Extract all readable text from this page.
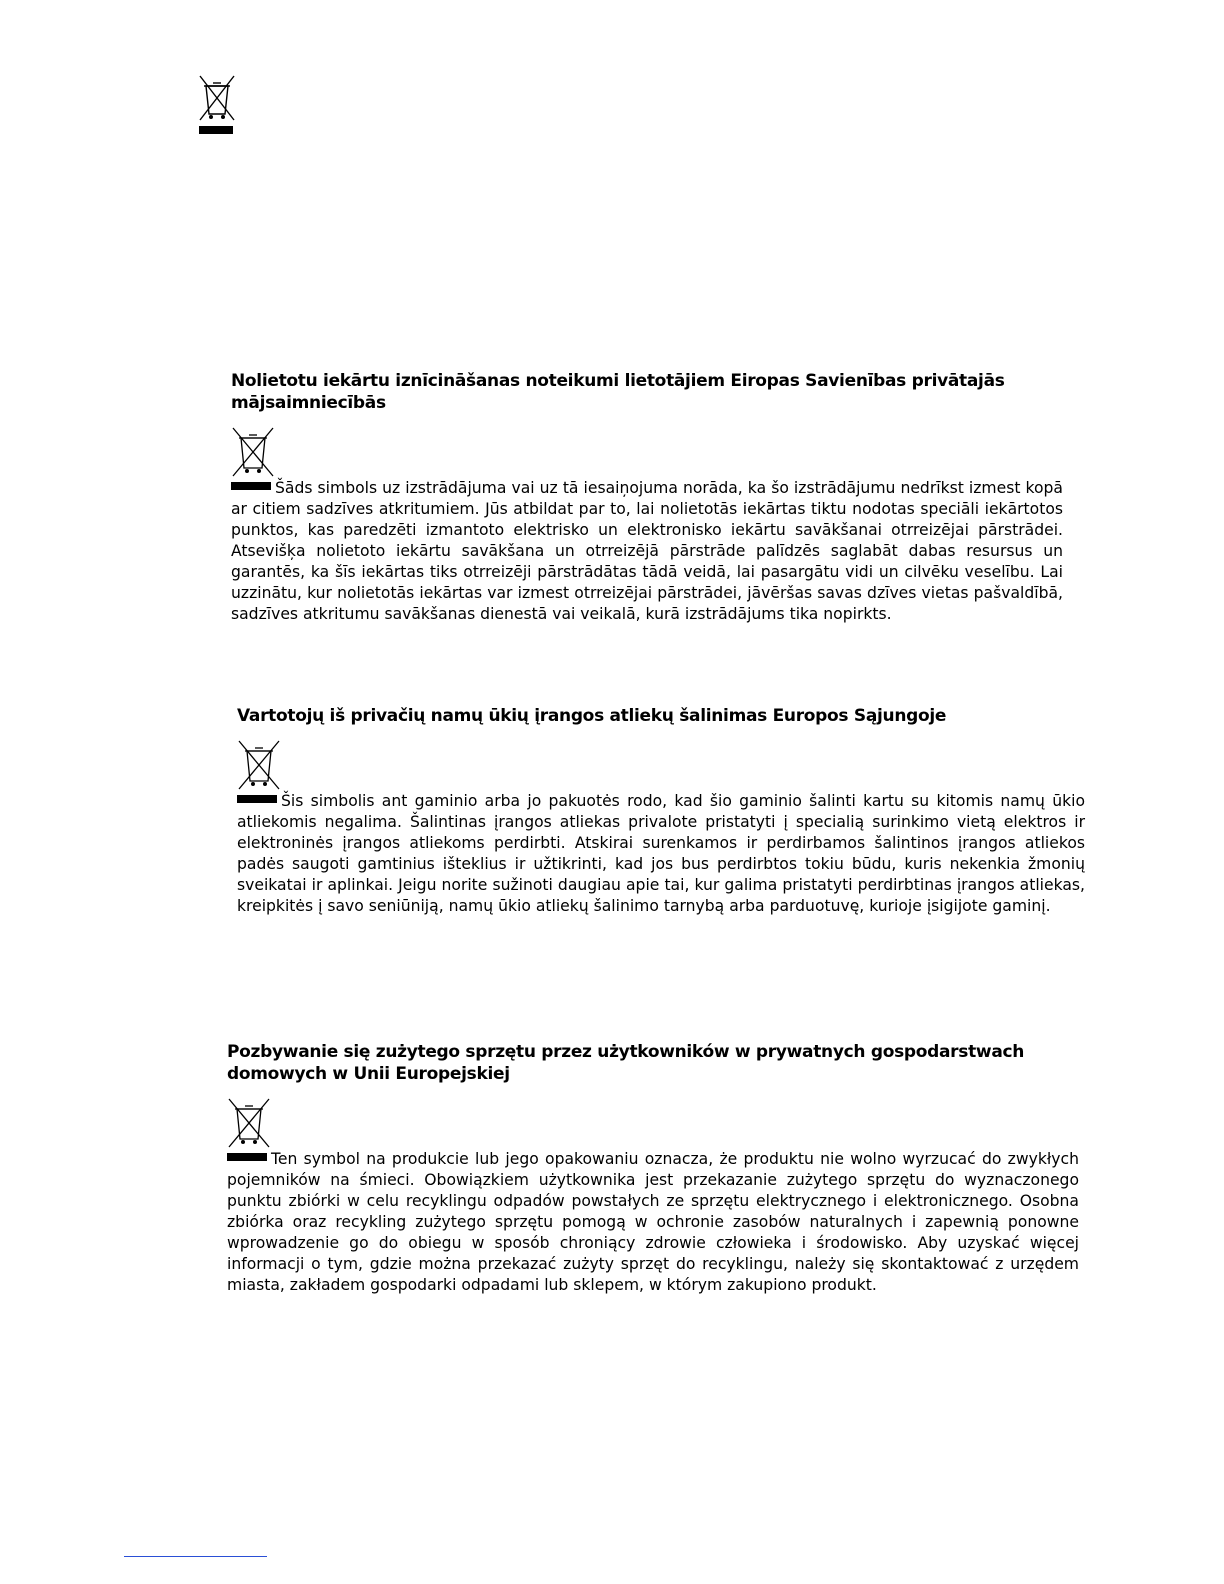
Nolietotu iekārtu iznīcināšanas noteikumi lietotājiem Eiropas Savienības privātajās mājsaimniecībās

Šāds simbols uz izstrādājuma vai uz tā iesaiņojuma norāda, ka šo izstrādājumu nedrīkst izmest kopā ar citiem sadzīves atkritumiem. Jūs atbildat par to, lai nolietotās iekārtas tiktu nodotas speciāli iekārtotos punktos, kas paredzēti izmantoto elektrisko un elektronisko iekārtu savākšanai otrreizējai pārstrādei. Atsevišķa nolietoto iekārtu savākšana un otrreizējā pārstrāde palīdzēs saglabāt dabas resursus un garantēs, ka šīs iekārtas tiks otrreizēji pārstrādātas tādā veidā, lai pasargātu vidi un cilvēku veselību. Lai uzzinātu, kur nolietotās iekārtas var izmest otrreizējai pārstrādei, jāvēršas savas dzīves vietas pašvaldībā, sadzīves atkritumu savākšanas dienestā vai veikalā, kurā izstrādājums tika nopirkts.

Vartotojų iš privačių namų ūkių įrangos atliekų šalinimas Europos Sąjungoje

Šis simbolis ant gaminio arba jo pakuotės rodo, kad šio gaminio šalinti kartu su kitomis namų ūkio atliekomis negalima. Šalintinas įrangos atliekas privalote pristatyti į specialią surinkimo vietą elektros ir elektroninės įrangos atliekoms perdirbti. Atskirai surenkamos ir perdirbamos šalintinos įrangos atliekos padės saugoti gamtinius išteklius ir užtikrinti, kad jos bus perdirbtos tokiu būdu, kuris nekenkia žmonių sveikatai ir aplinkai. Jeigu norite sužinoti daugiau apie tai, kur galima pristatyti perdirbtinas įrangos atliekas, kreipkitės į savo seniūniją, namų ūkio atliekų šalinimo tarnybą arba parduotuvę, kurioje įsigijote gaminį.

Pozbywanie się zużytego sprzętu przez użytkowników w prywatnych gospodarstwach domowych w Unii Europejskiej

Ten symbol na produkcie lub jego opakowaniu oznacza, że produktu nie wolno wyrzucać do zwykłych pojemników na śmieci. Obowiązkiem użytkownika jest przekazanie zużytego sprzętu do wyznaczonego punktu zbiórki w celu recyklingu odpadów powstałych ze sprzętu elektrycznego i elektronicznego. Osobna zbiórka oraz recykling zużytego sprzętu pomogą w ochronie zasobów naturalnych i zapewnią ponowne wprowadzenie go do obiegu w sposób chroniący zdrowie człowieka i środowisko. Aby uzyskać więcej informacji o tym, gdzie można przekazać zużyty sprzęt do recyklingu, należy się skontaktować z urzędem miasta, zakładem gospodarki odpadami lub sklepem, w którym zakupiono produkt.
